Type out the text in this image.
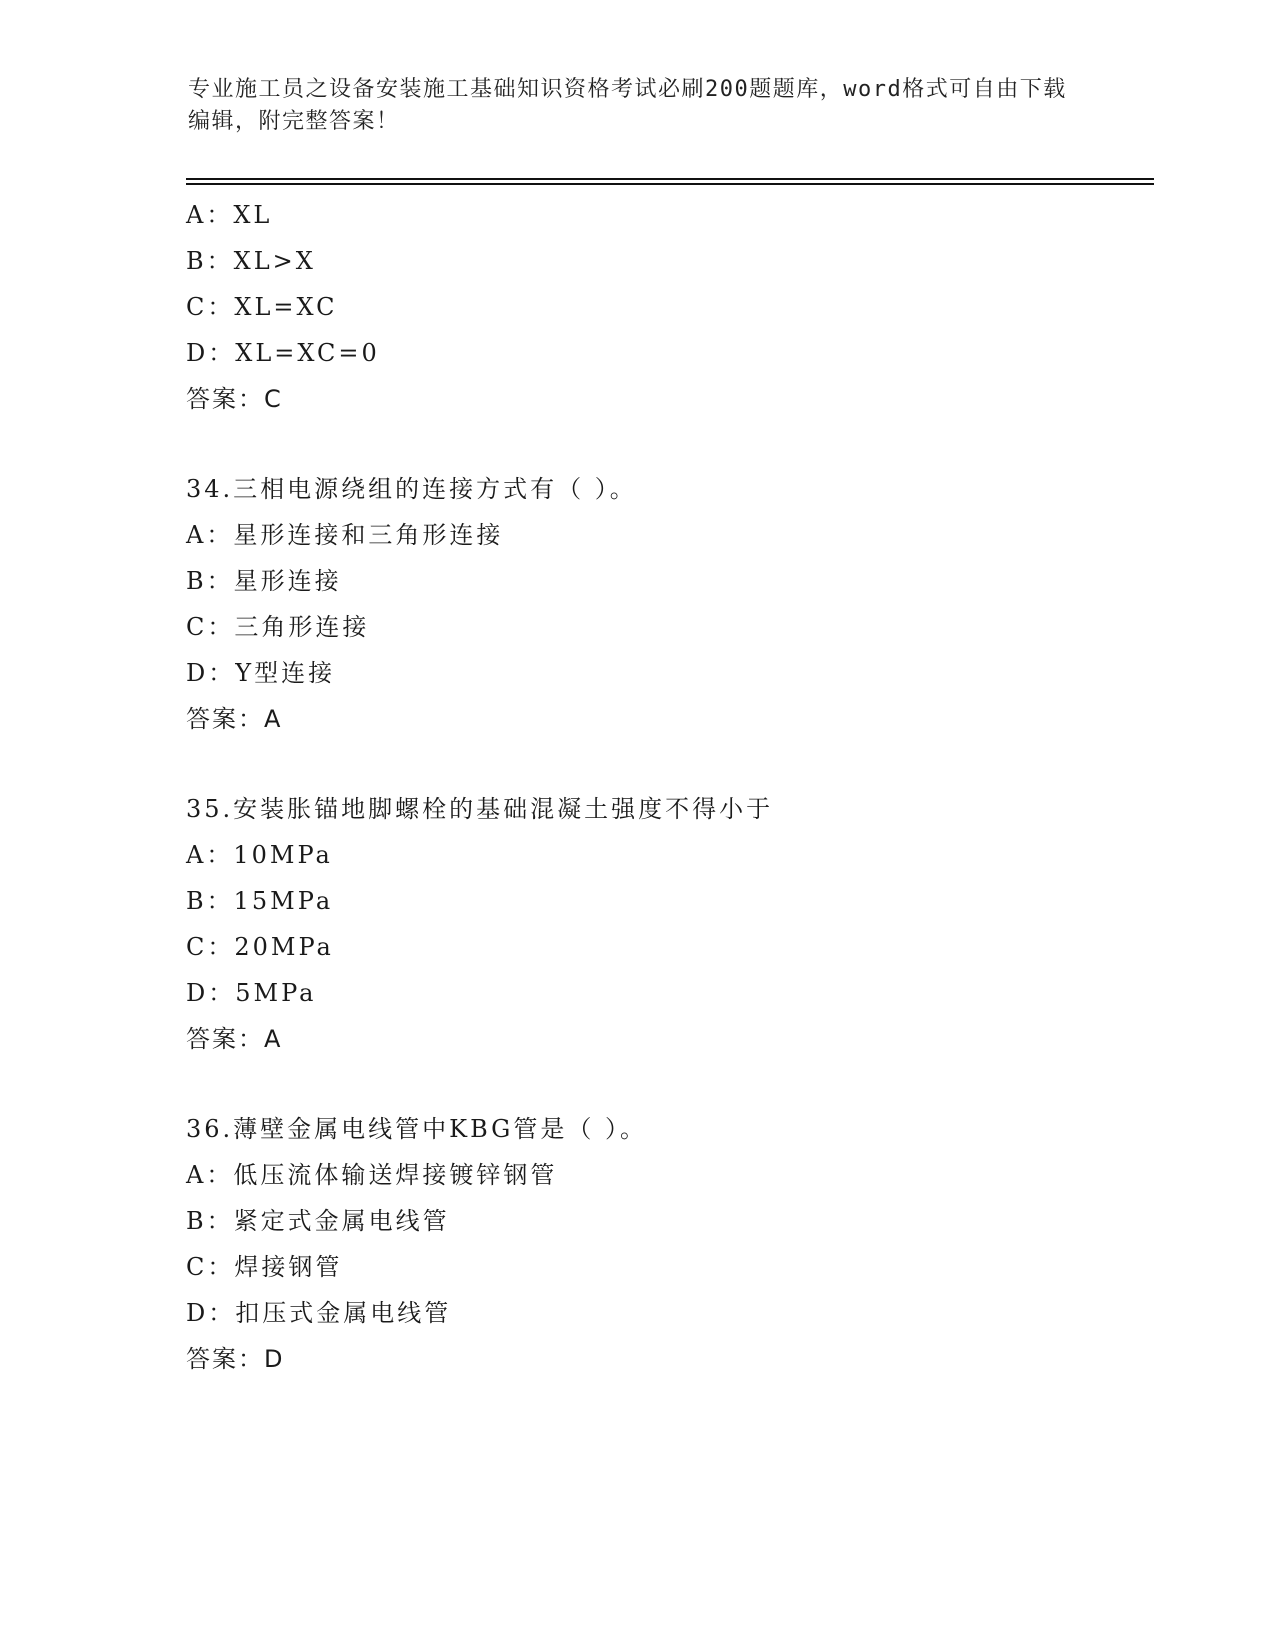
专业施工员之设备安装施工基础知识资格考试必刷200题题库，word格式可自由下载编辑，附完整答案！
A：XL
B：XL>X
C：XL=XC
D：XL=XC=0
答案：C
34.三相电源绕组的连接方式有（ ）。
A：星形连接和三角形连接
B：星形连接
C：三角形连接
D：Y型连接
答案：A
35.安装胀锚地脚螺栓的基础混凝土强度不得小于
A：10MPa
B：15MPa
C：20MPa
D：5MPa
答案：A
36.薄壁金属电线管中KBG管是（ ）。
A：低压流体输送焊接镀锌钢管
B：紧定式金属电线管
C：焊接钢管
D：扣压式金属电线管
答案：D
